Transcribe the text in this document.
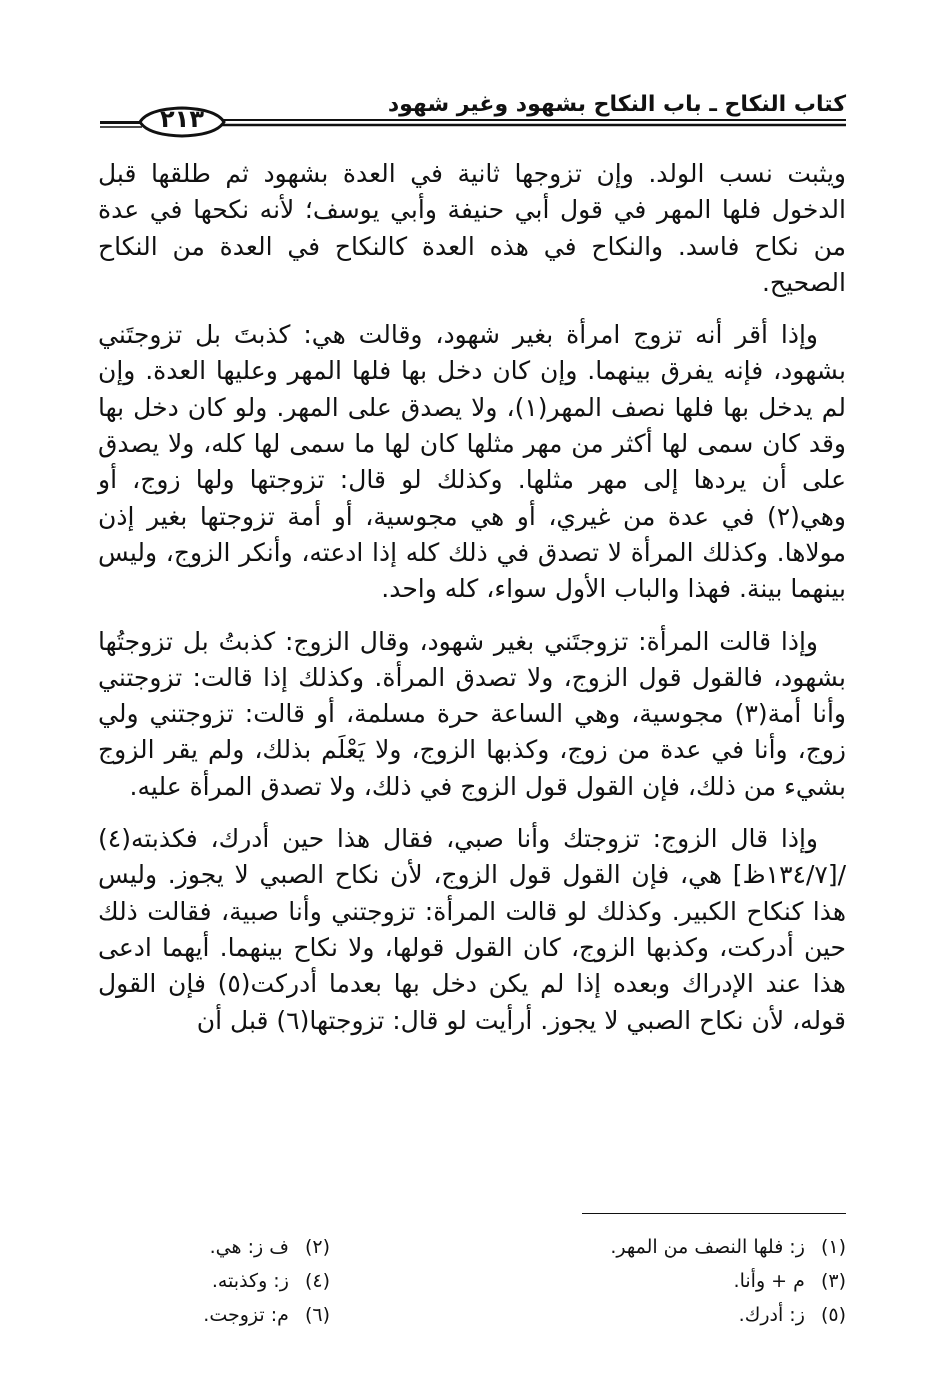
كتاب النكاح ـ باب النكاح بشهود وغير شهود
٢١٣

ويثبت نسب الولد. وإن تزوجها ثانية في العدة بشهود ثم طلقها قبل الدخول فلها المهر في قول أبي حنيفة وأبي يوسف؛ لأنه نكحها في عدة من نكاح فاسد. والنكاح في هذه العدة كالنكاح في العدة من النكاح الصحيح.

وإذا أقر أنه تزوج امرأة بغير شهود، وقالت هي: كذبتَ بل تزوجتَني بشهود، فإنه يفرق بينهما. وإن كان دخل بها فلها المهر وعليها العدة. وإن لم يدخل بها فلها نصف المهر(١)، ولا يصدق على المهر. ولو كان دخل بها وقد كان سمى لها أكثر من مهر مثلها كان لها ما سمى لها كله، ولا يصدق على أن يردها إلى مهر مثلها. وكذلك لو قال: تزوجتها ولها زوج، أو وهي(٢) في عدة من غيري، أو هي مجوسية، أو أمة تزوجتها بغير إذن مولاها. وكذلك المرأة لا تصدق في ذلك كله إذا ادعته، وأنكر الزوج، وليس بينهما بينة. فهذا والباب الأول سواء، كله واحد.

وإذا قالت المرأة: تزوجتَني بغير شهود، وقال الزوج: كذبتُ بل تزوجتُها بشهود، فالقول قول الزوج، ولا تصدق المرأة. وكذلك إذا قالت: تزوجتني وأنا أمة(٣) مجوسية، وهي الساعة حرة مسلمة، أو قالت: تزوجتني ولي زوج، وأنا في عدة من زوج، وكذبها الزوج، ولا يَعْلَم بذلك، ولم يقر الزوج بشيء من ذلك، فإن القول قول الزوج في ذلك، ولا تصدق المرأة عليه.

وإذا قال الزوج: تزوجتك وأنا صبي، فقال هذا حين أدرك، فكذبته(٤) /[١٣٤/٧ظ] هي، فإن القول قول الزوج، لأن نكاح الصبي لا يجوز. وليس هذا كنكاح الكبير. وكذلك لو قالت المرأة: تزوجتني وأنا صبية، فقالت ذلك حين أدركت، وكذبها الزوج، كان القول قولها، ولا نكاح بينهما. أيهما ادعى هذا عند الإدراك وبعده إذا لم يكن دخل بها بعدما أدركت(٥) فإن القول قوله، لأن نكاح الصبي لا يجوز. أرأيت لو قال: تزوجتها(٦) قبل أن

(١) ز: فلها النصف من المهر.
(٢) ف ز: هي.
(٣) م + وأنا.
(٤) ز: وكذبته.
(٥) ز: أدرك.
(٦) م: تزوجت.
